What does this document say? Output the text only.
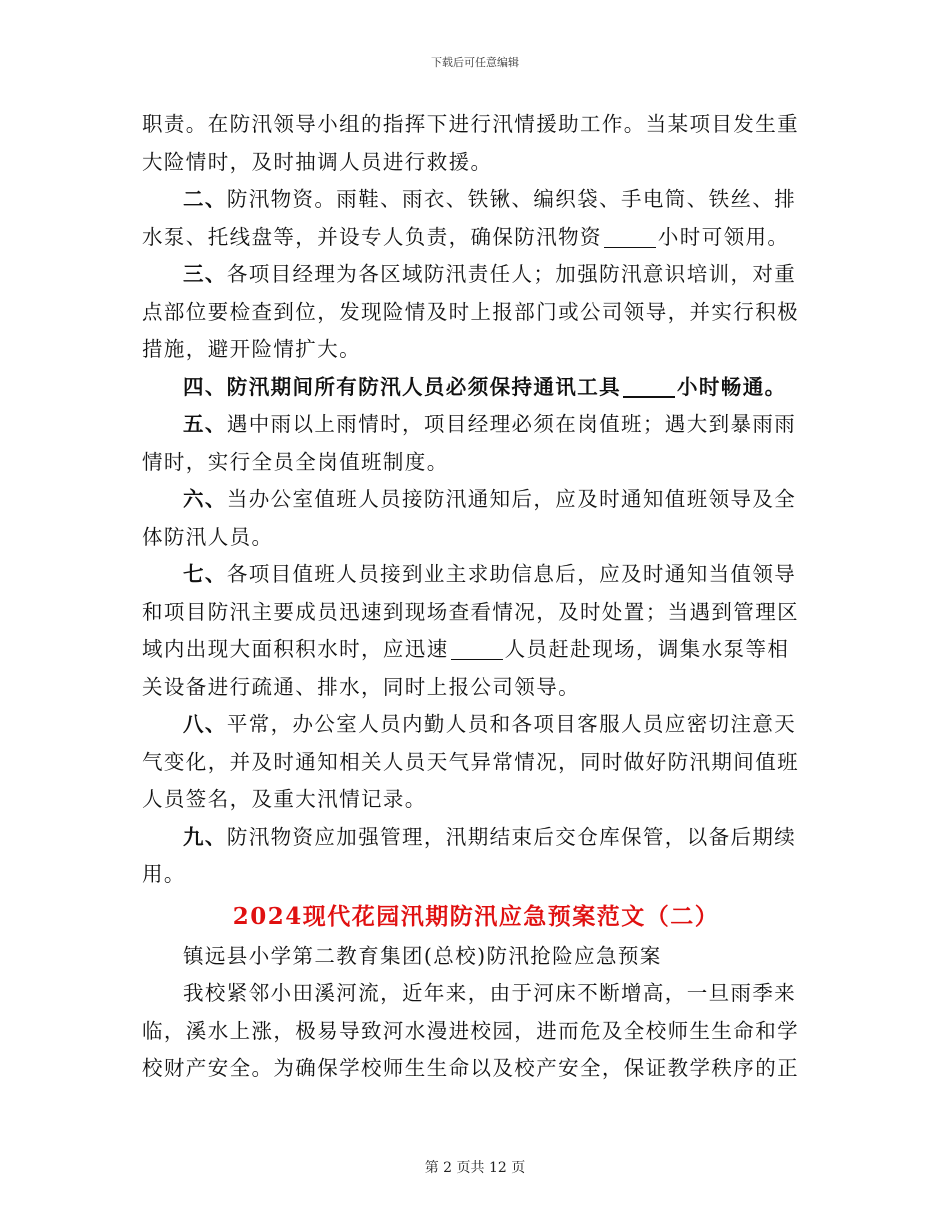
下载后可任意编辑

职责。在防汛领导小组的指挥下进行汛情援助工作。当某项目发生重大险情时，及时抽调人员进行救援。

二、防汛物资。雨鞋、雨衣、铁锹、编织袋、手电筒、铁丝、排水泵、托线盘等，并设专人负责，确保防汛物资	小时可领用。

三、各项目经理为各区域防汛责任人；加强防汛意识培训，对重点部位要检查到位，发现险情及时上报部门或公司领导，并实行积极措施，避开险情扩大。

四、防汛期间所有防汛人员必须保持通讯工具	小时畅通。

五、遇中雨以上雨情时，项目经理必须在岗值班；遇大到暴雨雨情时，实行全员全岗值班制度。

六、当办公室值班人员接防汛通知后，应及时通知值班领导及全体防汛人员。

七、各项目值班人员接到业主求助信息后，应及时通知当值领导和项目防汛主要成员迅速到现场查看情况，及时处置；当遇到管理区域内出现大面积积水时，应迅速	人员赶赴现场，调集水泵等相关设备进行疏通、排水，同时上报公司领导。

八、平常，办公室人员内勤人员和各项目客服人员应密切注意天气变化，并及时通知相关人员天气异常情况，同时做好防汛期间值班人员签名，及重大汛情记录。

九、防汛物资应加强管理，汛期结束后交仓库保管，以备后期续用。

2024现代花园汛期防汛应急预案范文（二）

镇远县小学第二教育集团(总校)防汛抢险应急预案

我校紧邻小田溪河流，近年来，由于河床不断增高，一旦雨季来临，溪水上涨，极易导致河水漫进校园，进而危及全校师生生命和学校财产安全。为确保学校师生生命以及校产安全，保证教学秩序的正

第 2 页共 12 页
